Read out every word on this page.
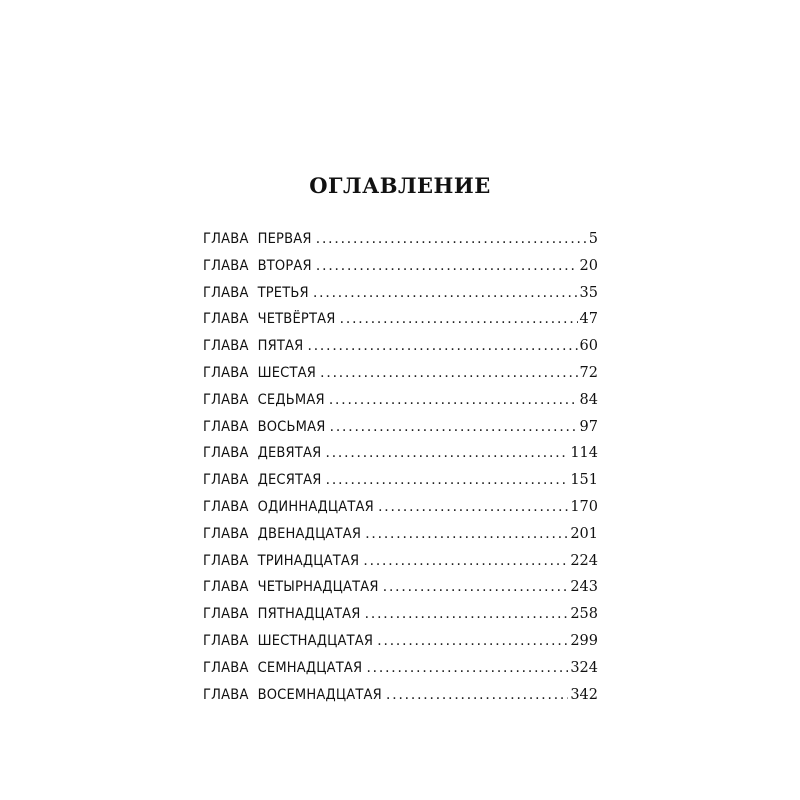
ОГЛАВЛЕНИЕ
ГЛАВА ПЕРВАЯ .....	5
ГЛАВА ВТОРАЯ .....	20
ГЛАВА ТРЕТЬЯ .....	35
ГЛАВА ЧЕТВЁРТАЯ .....	47
ГЛАВА ПЯТАЯ .....	60
ГЛАВА ШЕСТАЯ .....	72
ГЛАВА СЕДЬМАЯ .....	84
ГЛАВА ВОСЬМАЯ .....	97
ГЛАВА ДЕВЯТАЯ .....	114
ГЛАВА ДЕСЯТАЯ .....	151
ГЛАВА ОДИННАДЦАТАЯ .....	170
ГЛАВА ДВЕНАДЦАТАЯ .....	201
ГЛАВА ТРИНАДЦАТАЯ .....	224
ГЛАВА ЧЕТЫРНАДЦАТАЯ .....	243
ГЛАВА ПЯТНАДЦАТАЯ .....	258
ГЛАВА ШЕСТНАДЦАТАЯ .....	299
ГЛАВА СЕМНАДЦАТАЯ .....	324
ГЛАВА ВОСЕМНАДЦАТАЯ .....	342
